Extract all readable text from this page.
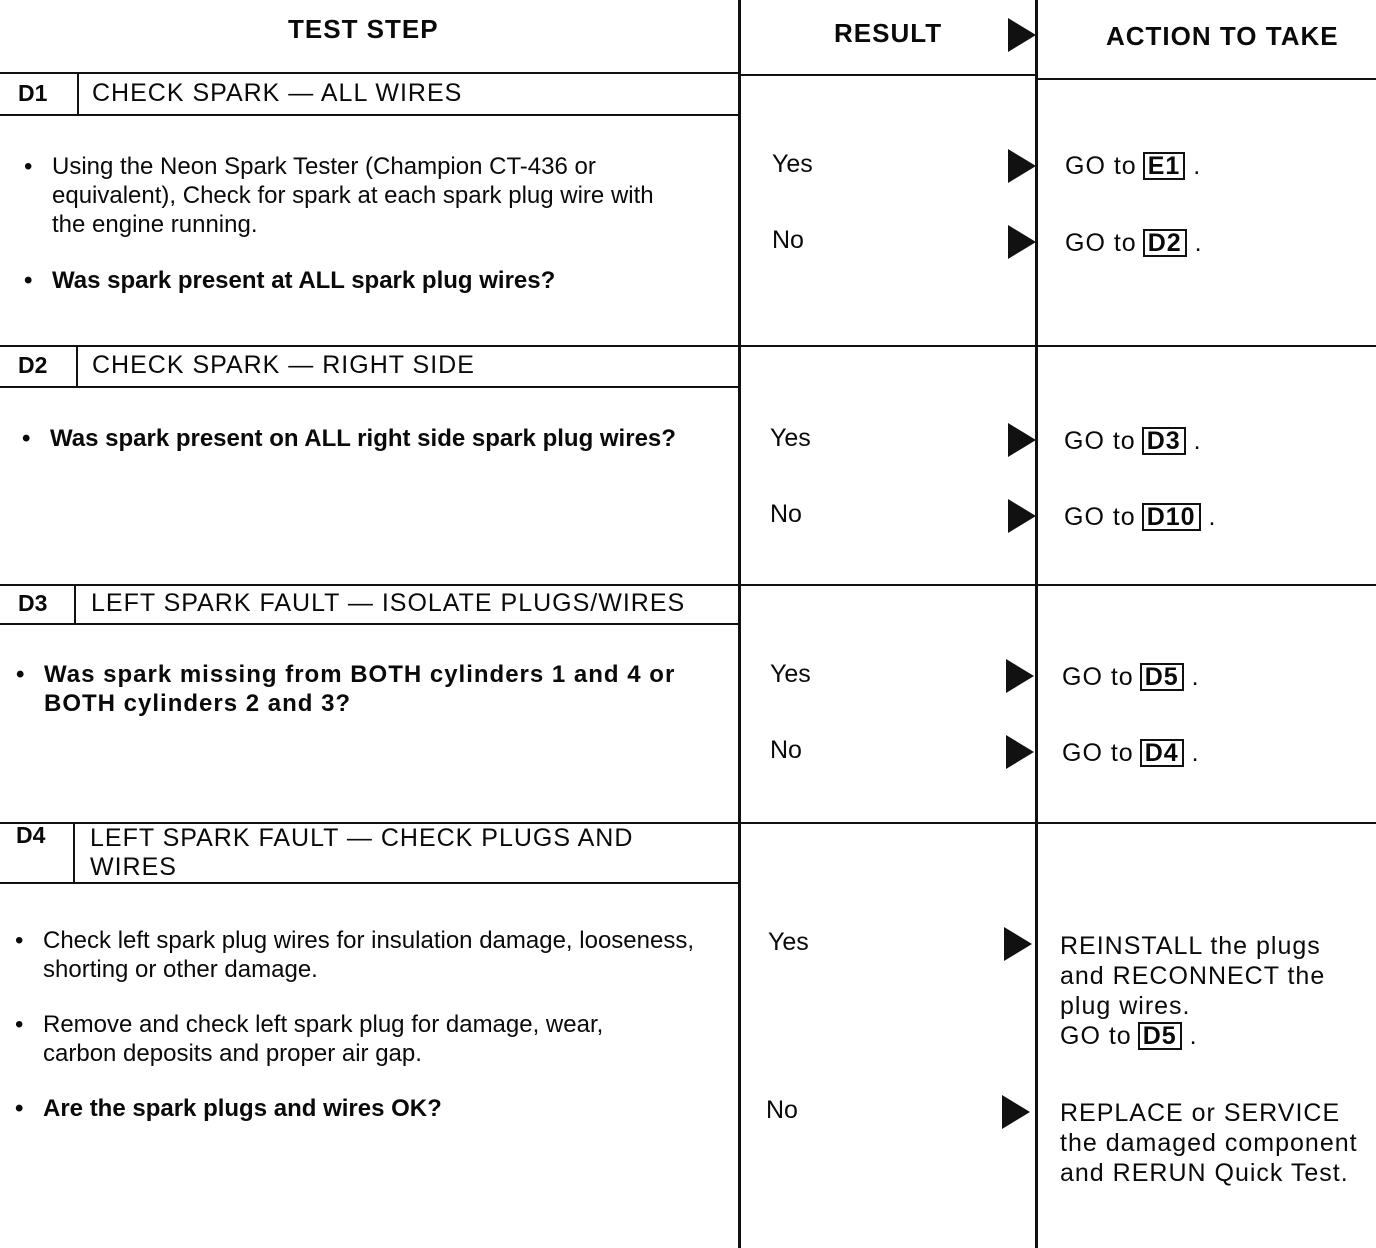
TEST STEP	RESULT	ACTION TO TAKE
D1 CHECK SPARK — ALL WIRES
• Using the Neon Spark Tester (Champion CT-436 or equivalent), Check for spark at each spark plug wire with the engine running.
• Was spark present at ALL spark plug wires?
Yes	GO to E1 .
No	GO to D2 .
D2 CHECK SPARK — RIGHT SIDE
• Was spark present on ALL right side spark plug wires?	Yes	GO to D3 .
No	GO to D10 .
D3 LEFT SPARK FAULT — ISOLATE PLUGS/WIRES
• Was spark missing from BOTH cylinders 1 and 4 or BOTH cylinders 2 and 3?
Yes	GO to D5 .
No	GO to D4 .
D4 LEFT SPARK FAULT — CHECK PLUGS AND WIRES
• Check left spark plug wires for insulation damage, looseness, shorting or other damage.
• Remove and check left spark plug for damage, wear, carbon deposits and proper air gap.
• Are the spark plugs and wires OK?
Yes	REINSTALL the plugs and RECONNECT the plug wires.
GO to D5 .
No	REPLACE or SERVICE the damaged component and RERUN Quick Test.
